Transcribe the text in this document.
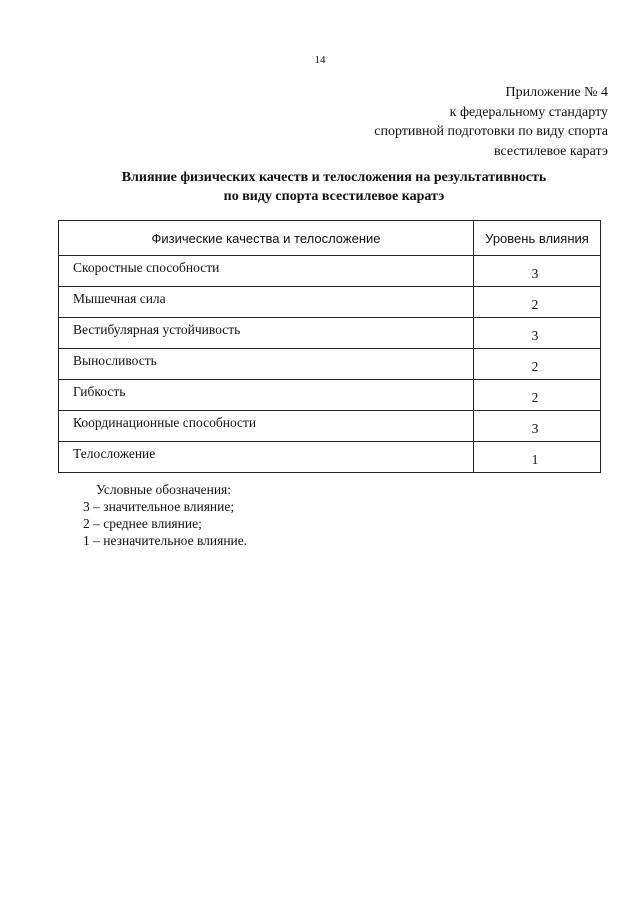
14
Приложение № 4
к федеральному стандарту
спортивной подготовки по виду спорта
всестилевое каратэ
Влияние физических качеств и телосложения на результативность
по виду спорта всестилевое каратэ
Физические качества и телосложение	Уровень влияния
Скоростные способности	3
Мышечная сила	2
Вестибулярная устойчивость	3
Выносливость	2
Гибкость	2
Координационные способности	3
Телосложение	1
Условные обозначения:
3 – значительное влияние;
2 – среднее влияние;
1 – незначительное влияние.
